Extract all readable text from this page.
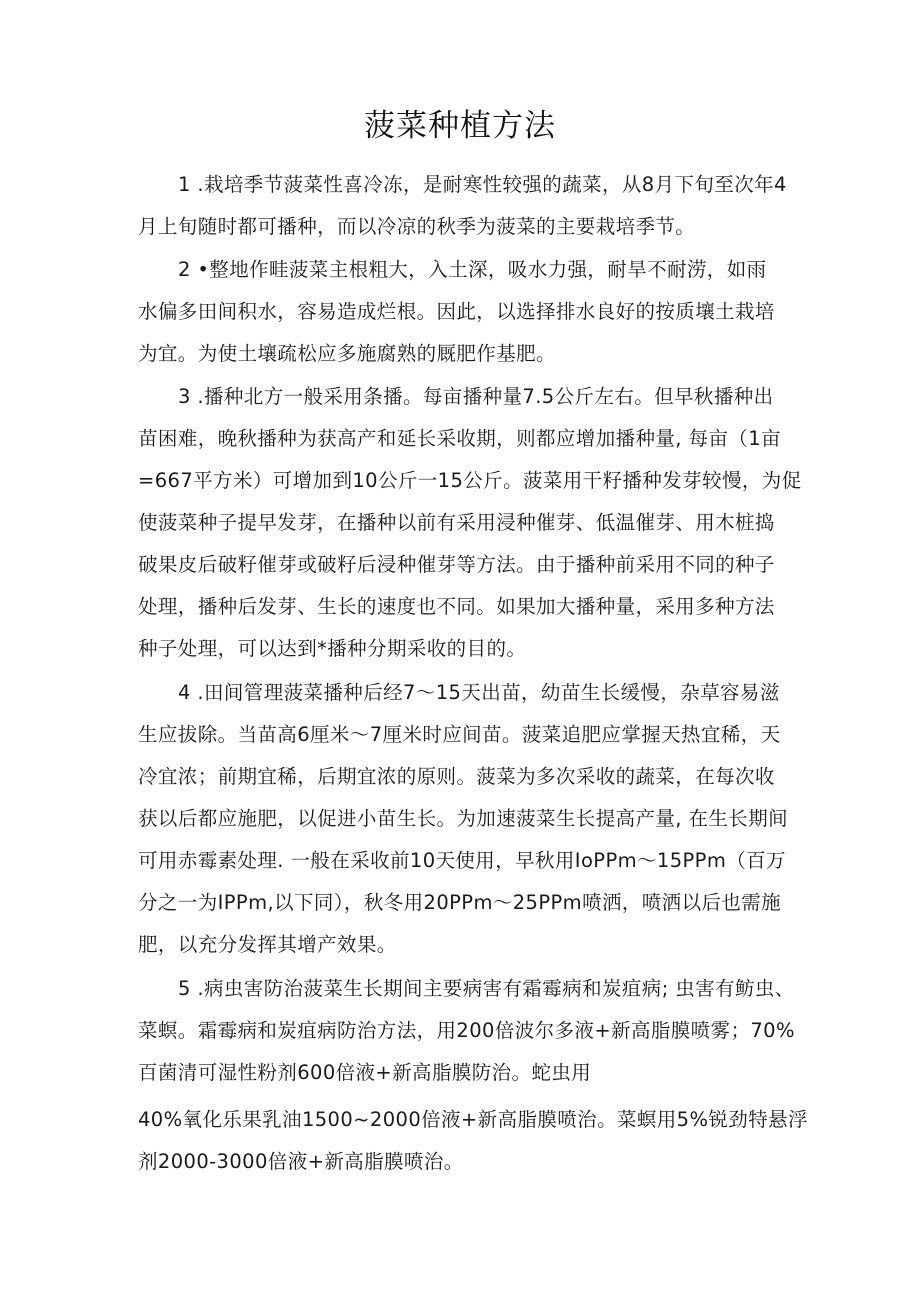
菠菜种植方法
1 .栽培季节菠菜性喜冷冻，是耐寒性较强的蔬菜，从8月下旬至次年4
月上旬随时都可播种，而以冷凉的秋季为菠菜的主要栽培季节。
2 •整地作畦菠菜主根粗大，入土深，吸水力强，耐旱不耐涝，如雨
水偏多田间积水，容易造成烂根。因此，以选择排水良好的按质壤土栽培
为宜。为使土壤疏松应多施腐熟的厩肥作基肥。
3 .播种北方一般采用条播。每亩播种量7.5公斤左右。但早秋播种出
苗困难，晚秋播种为获高产和延长采收期，则都应增加播种量, 每亩（1亩
=667平方米）可增加到10公斤一15公斤。菠菜用干籽播种发芽较慢，为促
使菠菜种子提早发芽，在播种以前有采用浸种催芽、低温催芽、用木桩捣
破果皮后破籽催芽或破籽后浸种催芽等方法。由于播种前采用不同的种子
处理，播种后发芽、生长的速度也不同。如果加大播种量，采用多种方法
种子处理，可以达到*播种分期采收的目的。
4 .田间管理菠菜播种后经7～15天出苗，幼苗生长缓慢，杂草容易滋
生应拔除。当苗高6厘米～7厘米时应间苗。菠菜追肥应掌握天热宜稀，天
冷宜浓；前期宜稀，后期宜浓的原则。菠菜为多次采收的蔬菜，在每次收
获以后都应施肥，以促进小苗生长。为加速菠菜生长提高产量, 在生长期间
可用赤霉素处理. 一般在采收前10天使用，早秋用IoPPm～15PPm（百万
分之一为IPPm,以下同），秋冬用20PPm～25PPm喷洒，喷洒以后也需施
肥，以充分发挥其增产效果。
5 .病虫害防治菠菜生长期间主要病害有霜霉病和炭疽病; 虫害有鲂虫、
菜螟。霜霉病和炭疽病防治方法，用200倍波尔多液+新高脂膜喷雾；70%
百菌清可湿性粉剂600倍液+新高脂膜防治。蛇虫用
40%氧化乐果乳油1500~2000倍液+新高脂膜喷治。菜螟用5%锐劲特悬浮
剂2000-3000倍液+新高脂膜喷治。
